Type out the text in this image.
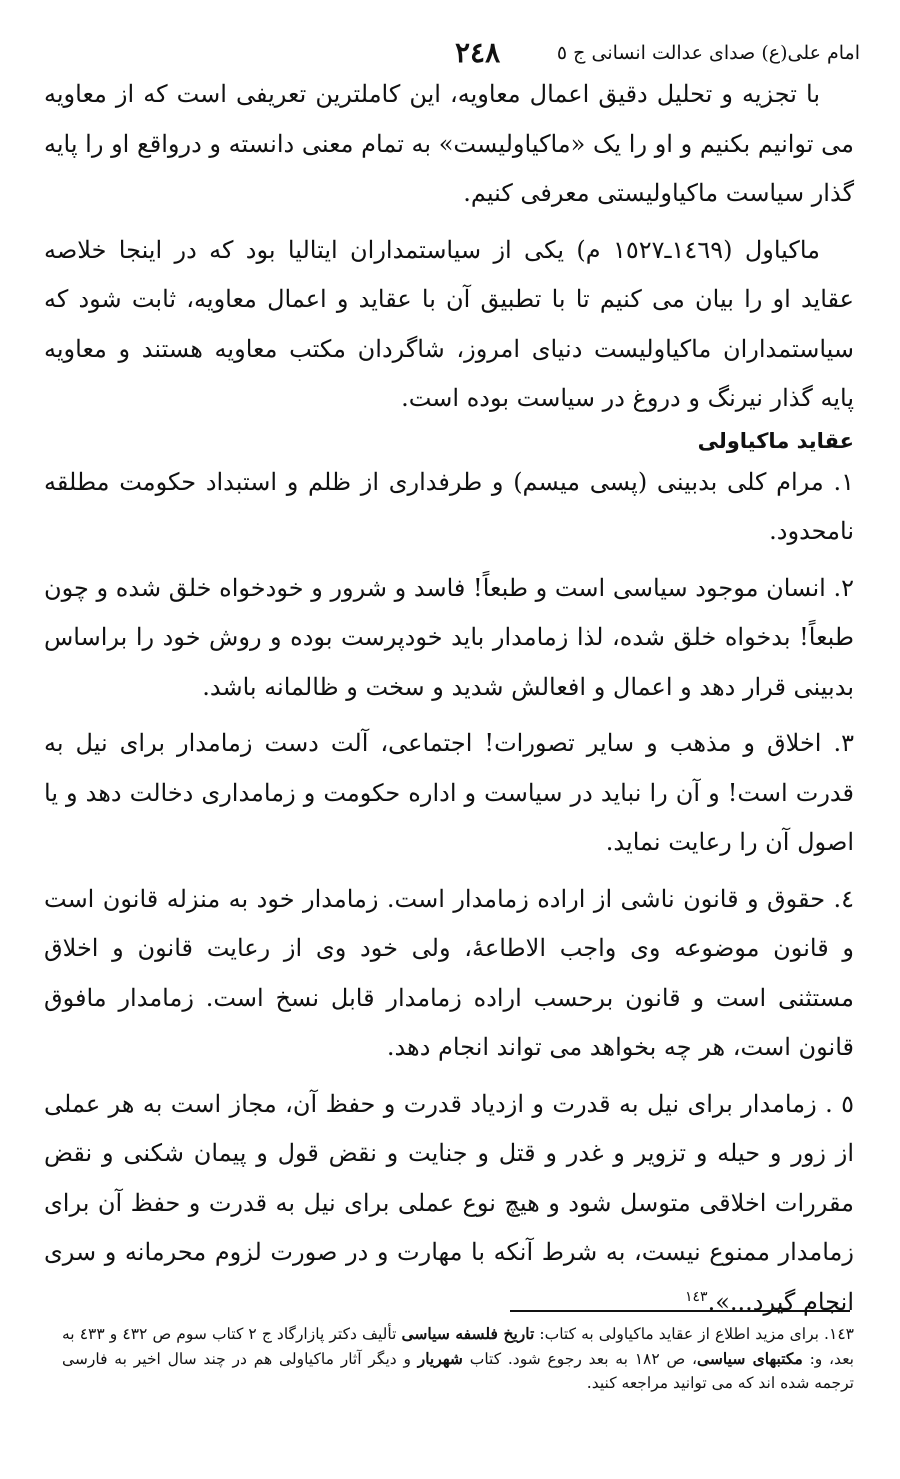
امام علی(ع) صدای عدالت انسانی ج ٥
٢٤٨

با تجزیه و تحلیل دقیق اعمال معاویه، این کاملترین تعریفی است که از معاویه می توانیم بکنیم و او را یک «ماکیاولیست» به تمام معنی دانسته و درواقع او را پایه گذار سیاست ماکیاولیستی معرفی کنیم.

ماکیاول (١٤٦٩ـ١٥٢٧ م) یکی از سیاستمداران ایتالیا بود که در اینجا خلاصه عقاید او را بیان می کنیم تا با تطبیق آن با عقاید و اعمال معاویه، ثابت شود که سیاستمداران ماکیاولیست دنیای امروز، شاگردان مکتب معاویه هستند و معاویه پایه گذار نیرنگ و دروغ در سیاست بوده است.

عقاید ماکیاولی

١. مرام کلی بدبینی (پسی میسم) و طرفداری از ظلم و استبداد حکومت مطلقه نامحدود.

٢. انسان موجود سیاسی است و طبعاً! فاسد و شرور و خودخواه خلق شده و چون طبعاً! بدخواه خلق شده، لذا زمامدار باید خودپرست بوده و روش خود را براساس بدبینی قرار دهد و اعمال و افعالش شدید و سخت و ظالمانه باشد.

٣. اخلاق و مذهب و سایر تصورات! اجتماعی، آلت دست زمامدار برای نیل به قدرت است! و آن را نباید در سیاست و اداره حکومت و زمامداری دخالت دهد و یا اصول آن را رعایت نماید.

٤. حقوق و قانون ناشی از اراده زمامدار است. زمامدار خود به منزله قانون است و قانون موضوعه وی واجب الاطاعهٔ، ولی خود وی از رعایت قانون و اخلاق مستثنی است و قانون برحسب اراده زمامدار قابل نسخ است. زمامدار مافوق قانون است، هر چه بخواهد می تواند انجام دهد.

٥ . زمامدار برای نیل به قدرت و ازدیاد قدرت و حفظ آن، مجاز است به هر عملی از زور و حیله و تزویر و غدر و قتل و جنایت و نقض قول و پیمان شکنی و نقض مقررات اخلاقی متوسل شود و هیچ نوع عملی برای نیل به قدرت و حفظ آن برای زمامدار ممنوع نیست، به شرط آنکه با مهارت و در صورت لزوم محرمانه و سری انجام گیرد...».$^{١٤٣}$

١٤٣. برای مزید اطلاع از عقاید ماکیاولی به کتاب: تاریخ فلسفه سیاسی تألیف دکتر پازارگاد ج ٢ کتاب سوم ص ٤٣٢ و ٤٣٣ به بعد، و: مکتبهای سیاسی، ص ١٨٢ به بعد رجوع شود. کتاب شهریار و دیگر آثار ماکیاولی هم در چند سال اخیر به فارسی ترجمه شده اند که می توانید مراجعه کنید.
